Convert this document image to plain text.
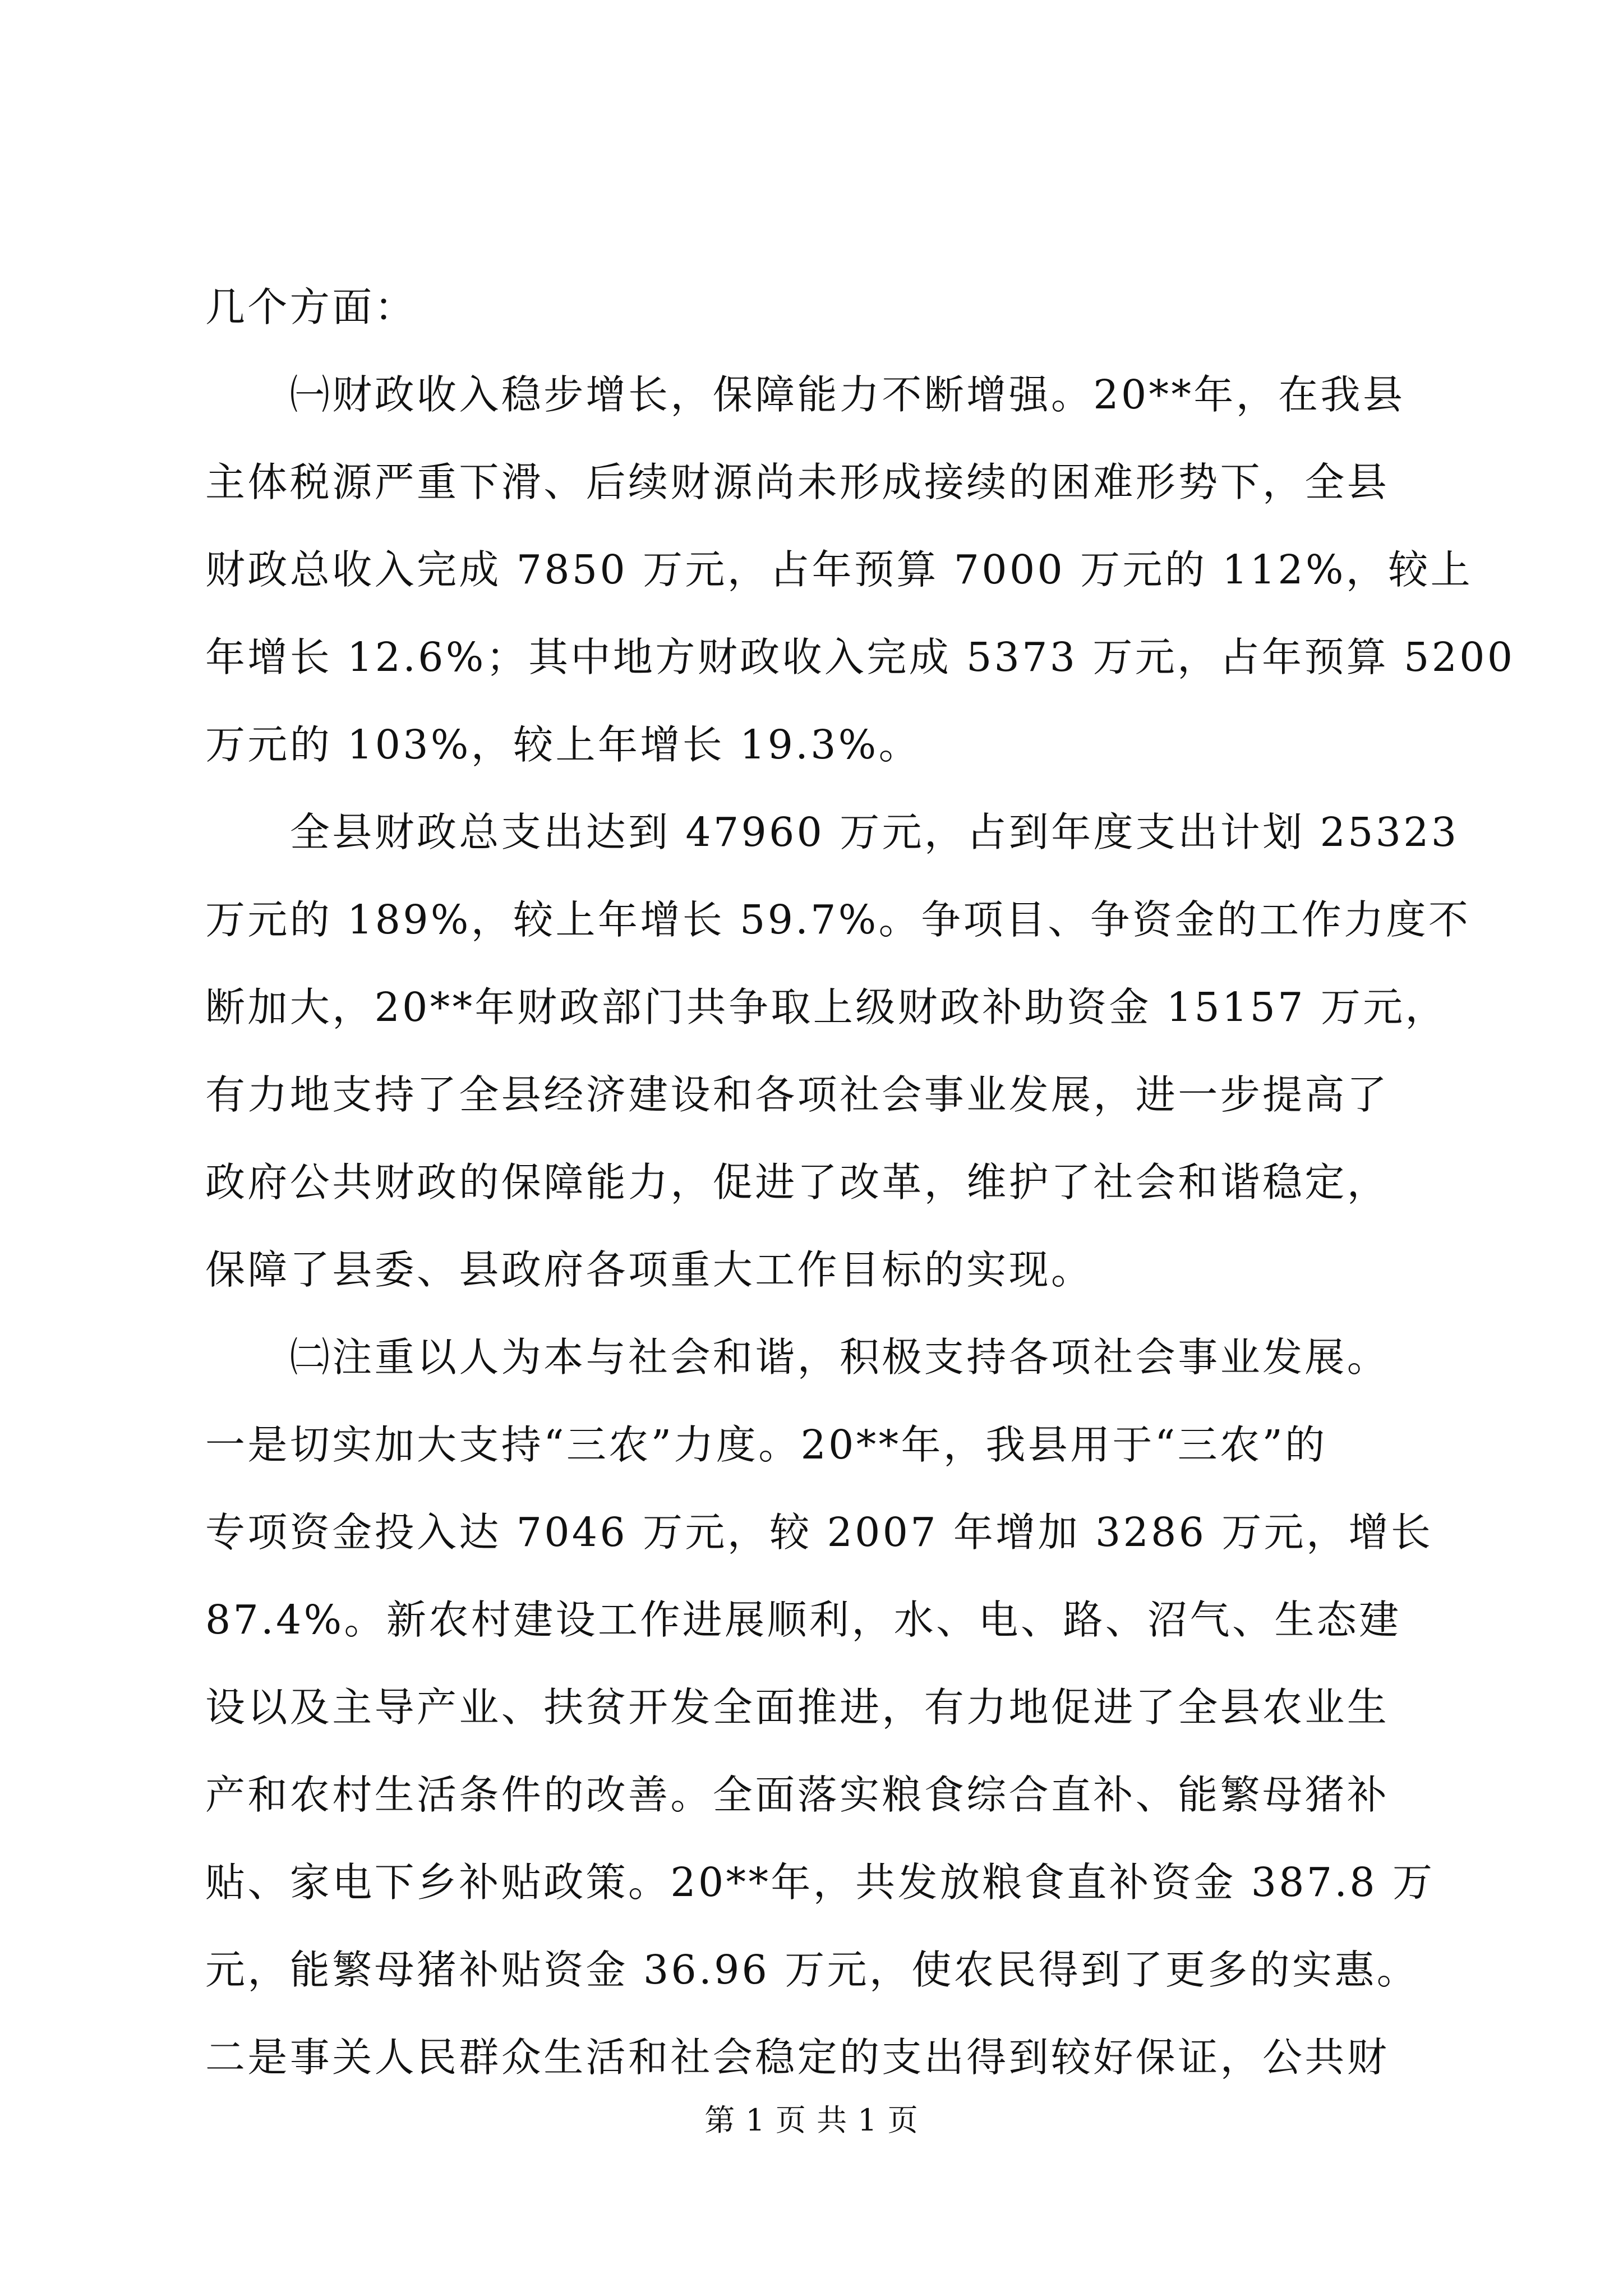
几个方面：
　　㈠财政收入稳步增长，保障能力不断增强。20**年，在我县
主体税源严重下滑、后续财源尚未形成接续的困难形势下，全县
财政总收入完成 7850 万元，占年预算 7000 万元的 112%，较上
年增长 12.6%；其中地方财政收入完成 5373 万元，占年预算 5200
万元的 103%，较上年增长 19.3%。
　　全县财政总支出达到 47960 万元，占到年度支出计划 25323
万元的 189%，较上年增长 59.7%。争项目、争资金的工作力度不
断加大，20**年财政部门共争取上级财政补助资金 15157 万元，
有力地支持了全县经济建设和各项社会事业发展，进一步提高了
政府公共财政的保障能力，促进了改革，维护了社会和谐稳定，
保障了县委、县政府各项重大工作目标的实现。
　　㈡注重以人为本与社会和谐，积极支持各项社会事业发展。
一是切实加大支持“三农”力度。20**年，我县用于“三农”的
专项资金投入达 7046 万元，较 2007 年增加 3286 万元，增长
87.4%。新农村建设工作进展顺利，水、电、路、沼气、生态建
设以及主导产业、扶贫开发全面推进，有力地促进了全县农业生
产和农村生活条件的改善。全面落实粮食综合直补、能繁母猪补
贴、家电下乡补贴政策。20**年，共发放粮食直补资金 387.8 万
元，能繁母猪补贴资金 36.96 万元，使农民得到了更多的实惠。
二是事关人民群众生活和社会稳定的支出得到较好保证，公共财
第 1 页 共 1 页
